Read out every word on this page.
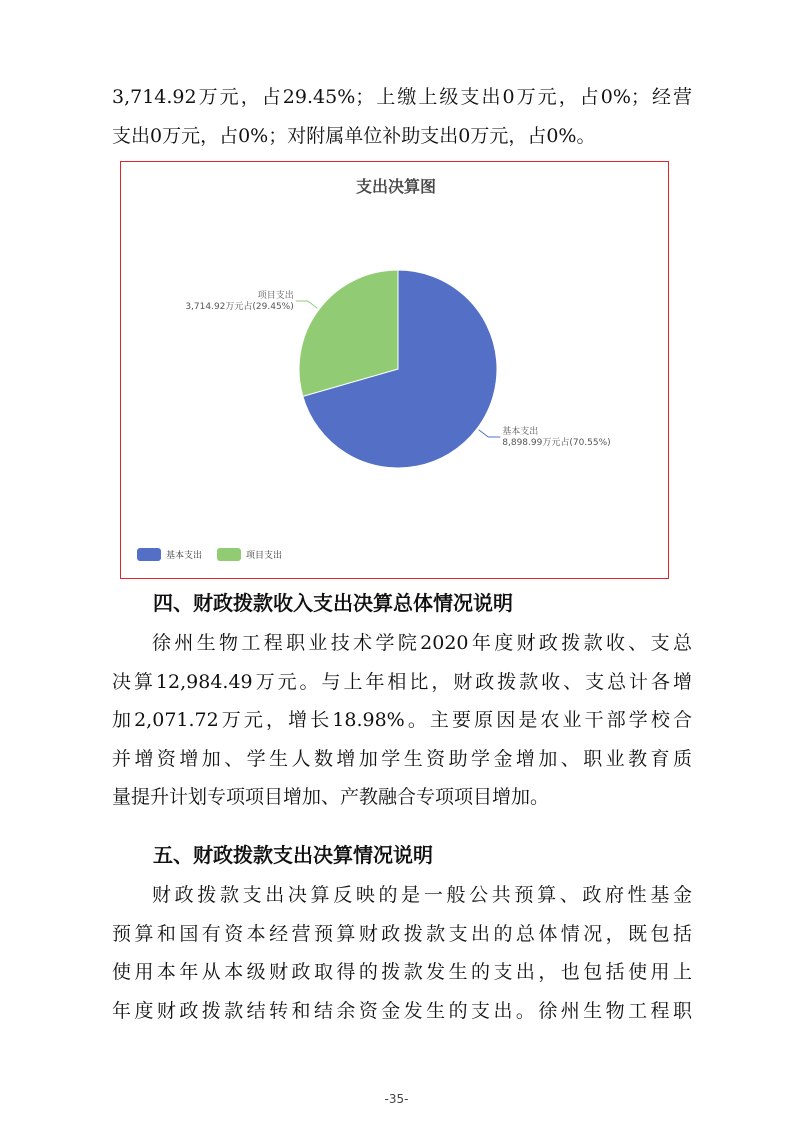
3,714.92万元，占29.45%；上缴上级支出0万元，占0%；经营
支出0万元，占0%；对附属单位补助支出0万元，占0%。
支出决算图
基本支出
8,898.99万元占(70.55%)
项目支出
3,714.92万元占(29.45%)
基本支出	项目支出
四、财政拨款收入支出决算总体情况说明
徐州生物工程职业技术学院2020年度财政拨款收、支总
决算12,984.49万元。与上年相比，财政拨款收、支总计各增
加2,071.72万元，增长18.98%。主要原因是农业干部学校合
并增资增加、学生人数增加学生资助学金增加、职业教育质
量提升计划专项项目增加、产教融合专项项目增加。
五、财政拨款支出决算情况说明
财政拨款支出决算反映的是一般公共预算、政府性基金
预算和国有资本经营预算财政拨款支出的总体情况，既包括
使用本年从本级财政取得的拨款发生的支出，也包括使用上
年度财政拨款结转和结余资金发生的支出。徐州生物工程职
-35-
